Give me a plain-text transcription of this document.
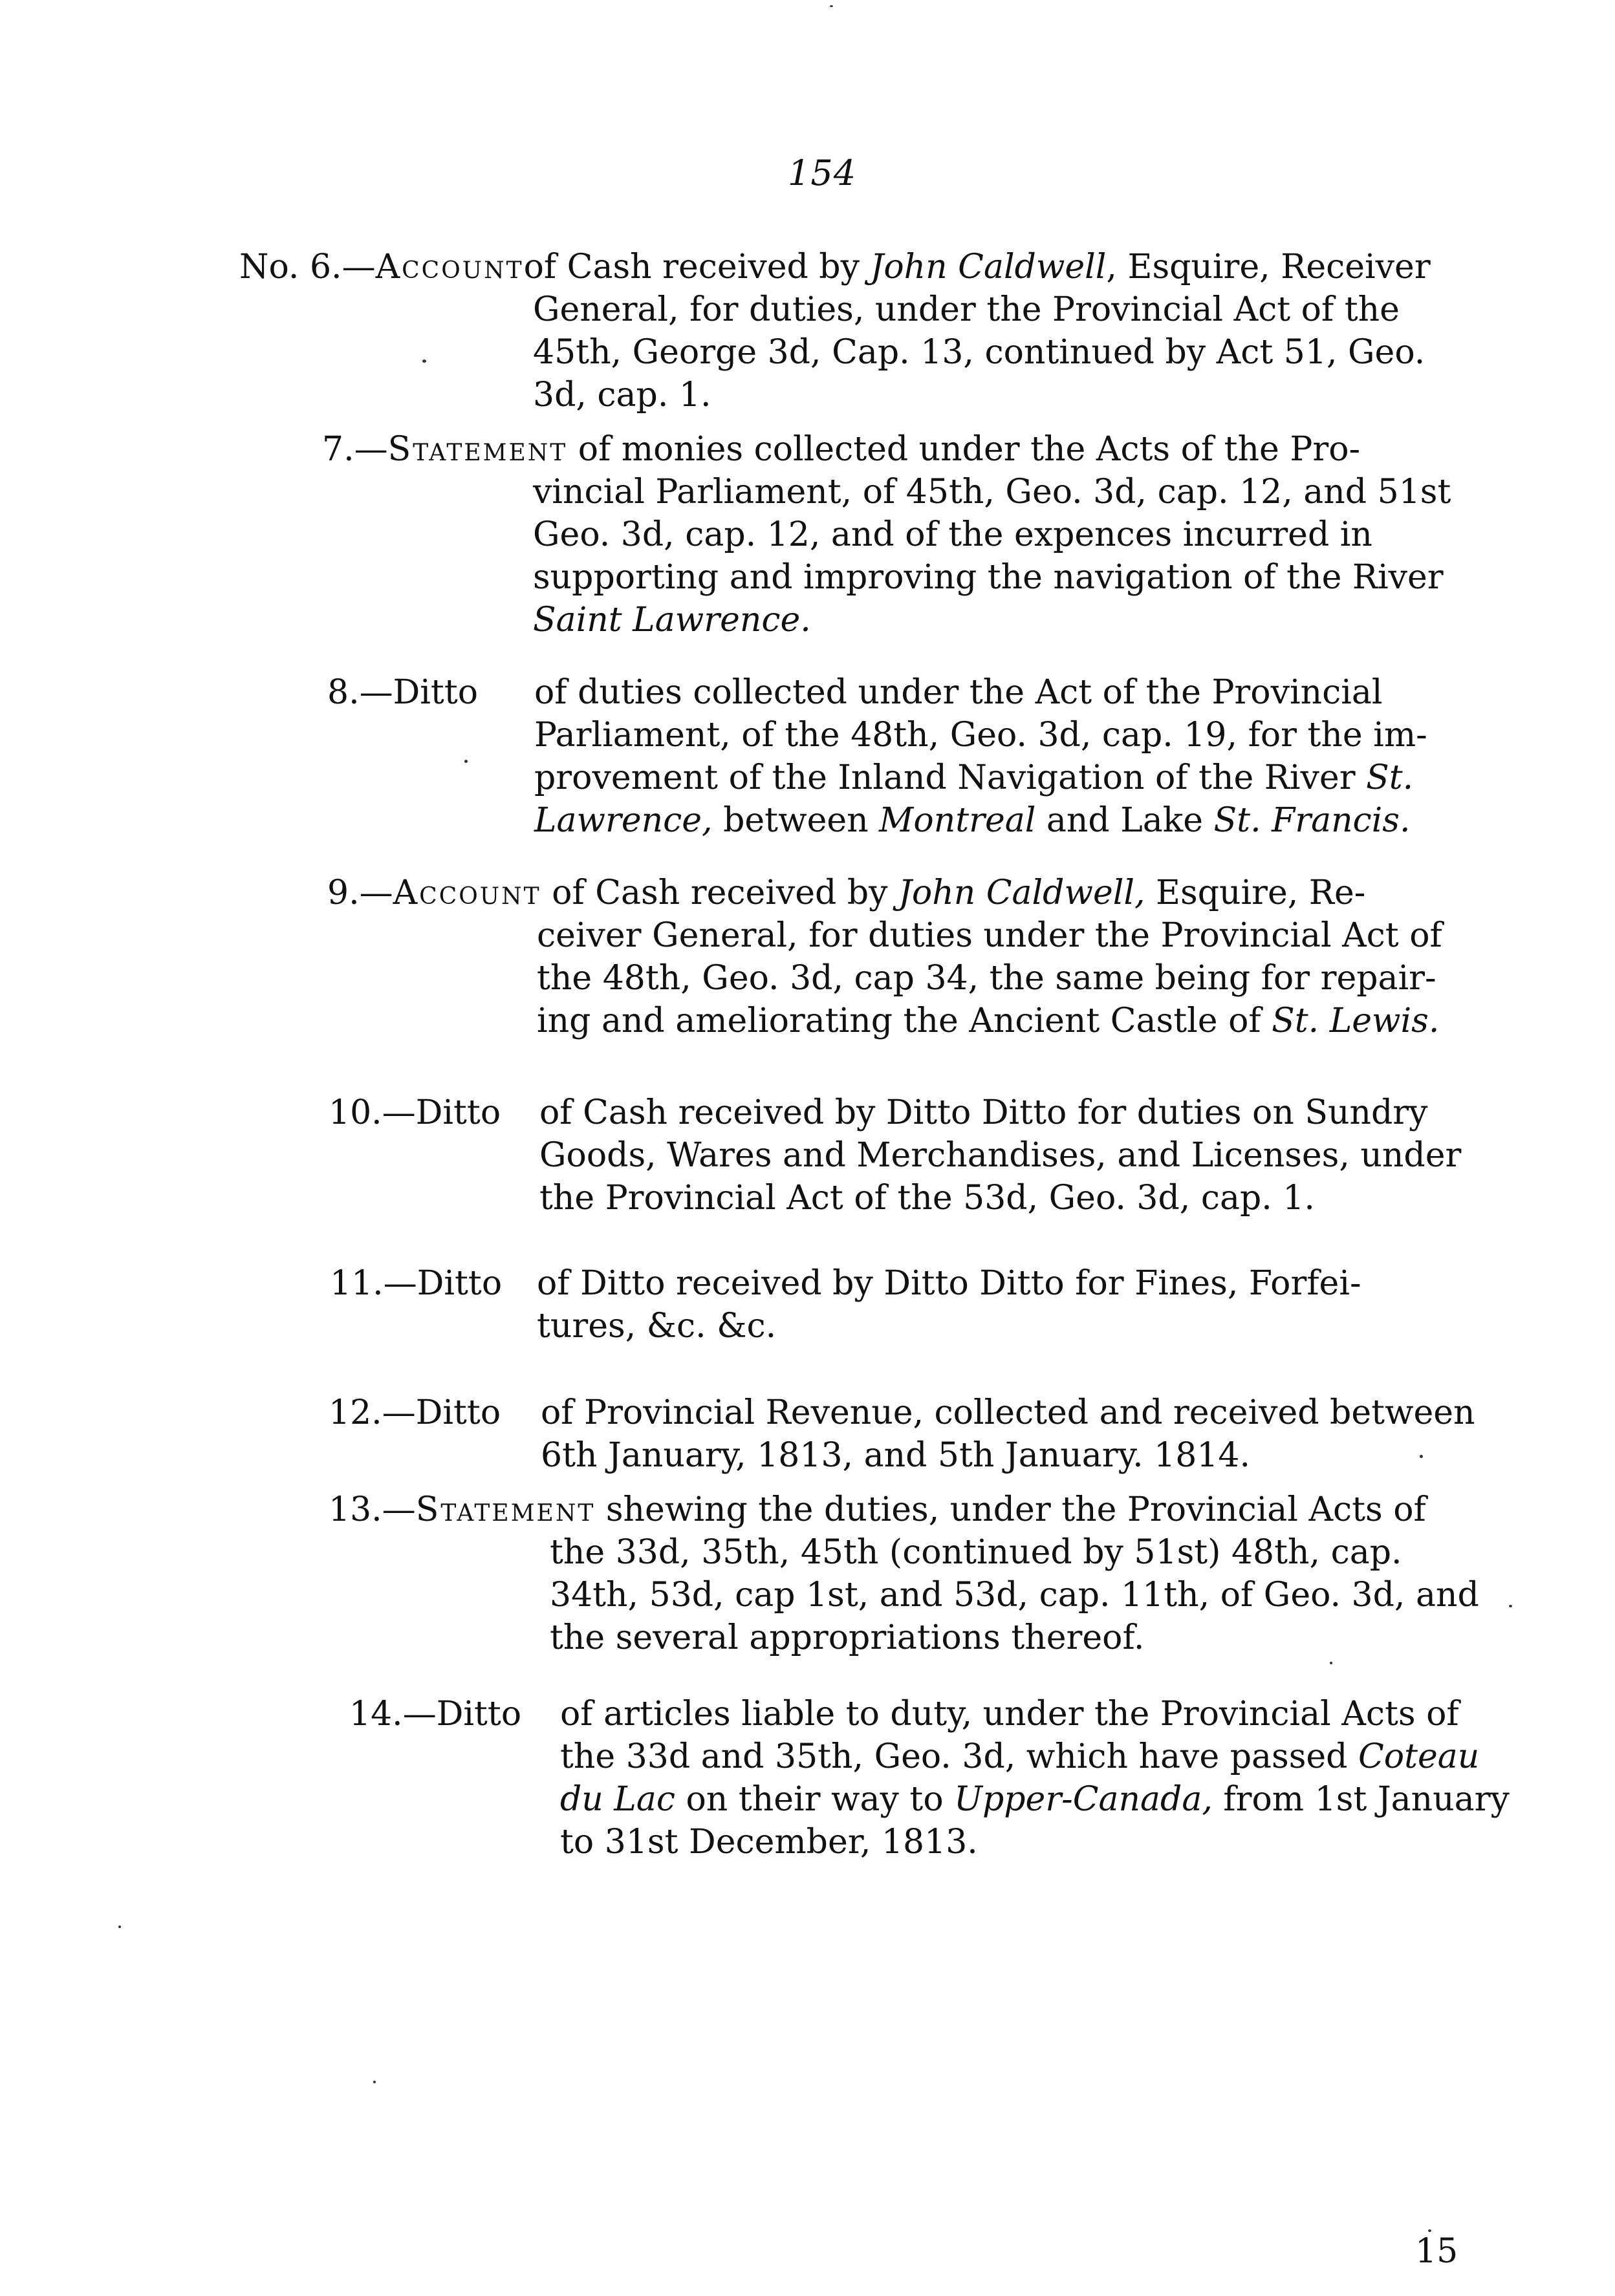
154
No. 6.—Accountof Cash received by John Caldwell, Esquire, Receiver
General, for duties, under the Provincial Act of the
45th, George 3d, Cap. 13, continued by Act 51, Geo.
3d, cap. 1.
7.—Statement of monies collected under the Acts of the Pro-
vincial Parliament, of 45th, Geo. 3d, cap. 12, and 51st
Geo. 3d, cap. 12, and of the expences incurred in
supporting and improving the navigation of the River
Saint Lawrence.
8.—Ditto of duties collected under the Act of the Provincial
Parliament, of the 48th, Geo. 3d, cap. 19, for the im-
provement of the Inland Navigation of the River St.
Lawrence, between Montreal and Lake St. Francis.
9.—Account of Cash received by John Caldwell, Esquire, Re-
ceiver General, for duties under the Provincial Act of
the 48th, Geo. 3d, cap 34, the same being for repair-
ing and ameliorating the Ancient Castle of St. Lewis.
10.—Ditto of Cash received by Ditto Ditto for duties on Sundry
Goods, Wares and Merchandises, and Licenses, under
the Provincial Act of the 53d, Geo. 3d, cap. 1.
11.—Ditto of Ditto received by Ditto Ditto for Fines, Forfei-
tures, &c. &c.
12.—Ditto of Provincial Revenue, collected and received between
6th January, 1813, and 5th January. 1814.
13.—Statement shewing the duties, under the Provincial Acts of
the 33d, 35th, 45th (continued by 51st) 48th, cap.
34th, 53d, cap 1st, and 53d, cap. 11th, of Geo. 3d, and
the several appropriations thereof.
14.—Ditto of articles liable to duty, under the Provincial Acts of
the 33d and 35th, Geo. 3d, which have passed Coteau
du Lac on their way to Upper-Canada, from 1st January
to 31st December, 1813.
15
